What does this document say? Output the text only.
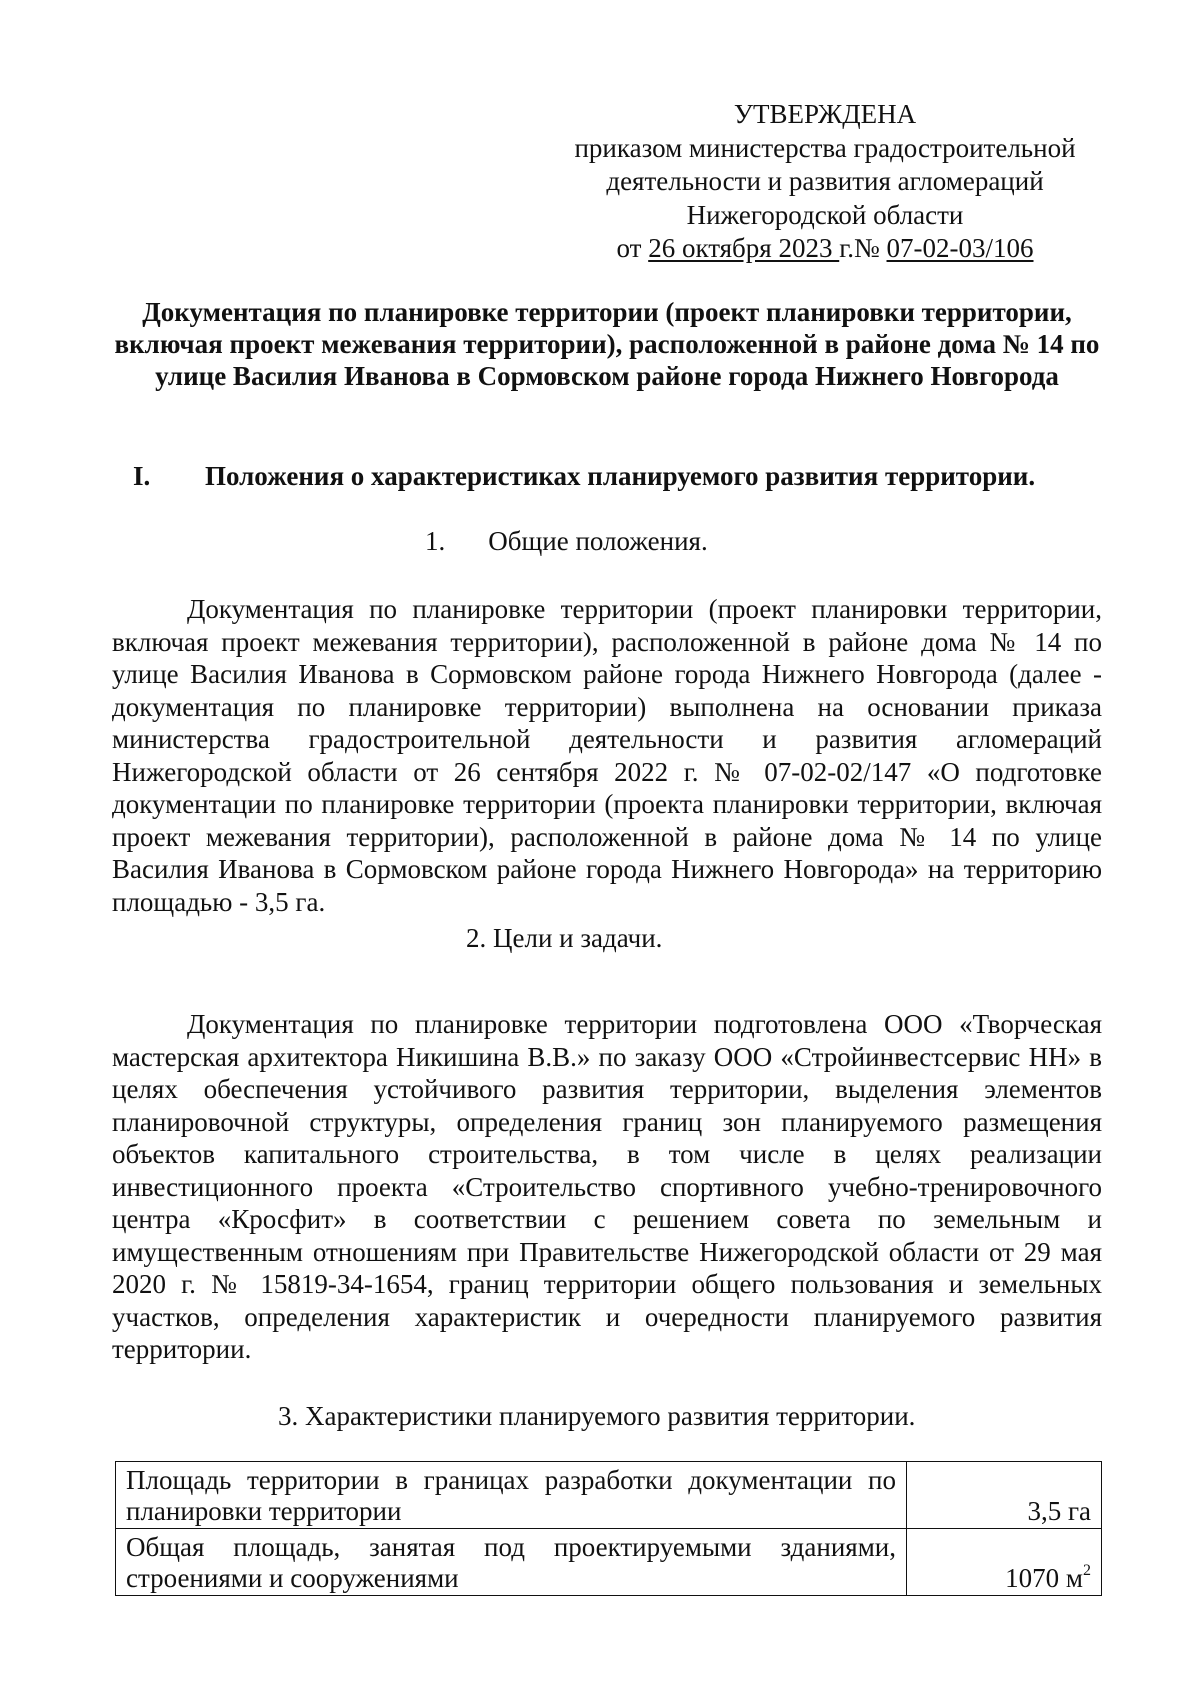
УТВЕРЖДЕНА
приказом министерства градостроительной
деятельности и развития агломераций
Нижегородской области
от 26 октября 2023 г.№ 07-02-03/106
Документация по планировке территории (проект планировки территории, включая проект межевания территории), расположенной в районе дома № 14 по улице Василия Иванова в Сормовском районе города Нижнего Новгорода
I. Положения о характеристиках планируемого развития территории.
1. Общие положения.
Документация по планировке территории (проект планировки территории, включая проект межевания территории), расположенной в районе дома № 14 по улице Василия Иванова в Сормовском районе города Нижнего Новгорода (далее - документация по планировке территории) выполнена на основании приказа министерства градостроительной деятельности и развития агломераций Нижегородской области от 26 сентября 2022 г. № 07-02-02/147 «О подготовке документации по планировке территории (проекта планировки территории, включая проект межевания территории), расположенной в районе дома № 14 по улице Василия Иванова в Сормовском районе города Нижнего Новгорода» на территорию площадью - 3,5 га.
2. Цели и задачи.
Документация по планировке территории подготовлена ООО «Творческая мастерская архитектора Никишина В.В.» по заказу ООО «Стройинвестсервис НН» в целях обеспечения устойчивого развития территории, выделения элементов планировочной структуры, определения границ зон планируемого размещения объектов капитального строительства, в том числе в целях реализации инвестиционного проекта «Строительство спортивного учебно-тренировочного центра «Кросфит» в соответствии с решением совета по земельным и имущественным отношениям при Правительстве Нижегородской области от 29 мая 2020 г. № 15819-34-1654, границ территории общего пользования и земельных участков, определения характеристик и очередности планируемого развития территории.
3. Характеристики планируемого развития территории.
Площадь территории в границах разработки документации по планировки территории	3,5 га
Общая площадь, занятая под проектируемыми зданиями, строениями и сооружениями	1070 $м^2$
